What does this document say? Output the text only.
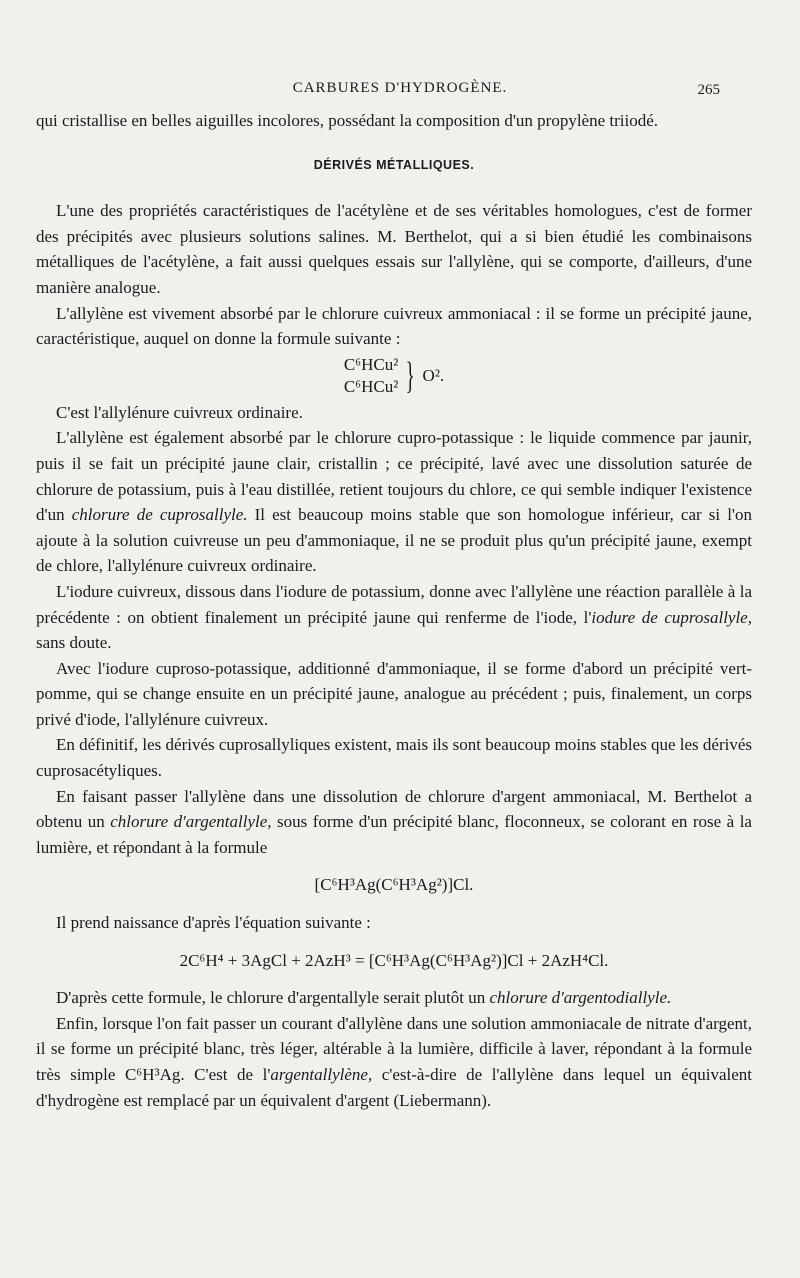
CARBURES D'HYDROGÈNE.	265

qui cristallise en belles aiguilles incolores, possédant la composition d'un propylène triiodé.

DÉRIVÉS MÉTALLIQUES.

L'une des propriétés caractéristiques de l'acétylène et de ses véritables homologues, c'est de former des précipités avec plusieurs solutions salines. M. Berthelot, qui a si bien étudié les combinaisons métalliques de l'acétylène, a fait aussi quelques essais sur l'allylène, qui se comporte, d'ailleurs, d'une manière analogue.

L'allylène est vivement absorbé par le chlorure cuivreux ammoniacal : il se forme un précipité jaune, caractéristique, auquel on donne la formule suivante :

C⁶HCu²
C⁶HCu² } O².

C'est l'allylénure cuivreux ordinaire.

L'allylène est également absorbé par le chlorure cupro-potassique : le liquide commence par jaunir, puis il se fait un précipité jaune clair, cristallin ; ce précipité, lavé avec une dissolution saturée de chlorure de potassium, puis à l'eau distillée, retient toujours du chlore, ce qui semble indiquer l'existence d'un chlorure de cuprosallyle. Il est beaucoup moins stable que son homologue inférieur, car si l'on ajoute à la solution cuivreuse un peu d'ammoniaque, il ne se produit plus qu'un précipité jaune, exempt de chlore, l'allylénure cuivreux ordinaire.

L'iodure cuivreux, dissous dans l'iodure de potassium, donne avec l'allylène une réaction parallèle à la précédente : on obtient finalement un précipité jaune qui renferme de l'iode, l'iodure de cuprosallyle, sans doute.

Avec l'iodure cuproso-potassique, additionné d'ammoniaque, il se forme d'abord un précipité vert-pomme, qui se change ensuite en un précipité jaune, analogue au précédent ; puis, finalement, un corps privé d'iode, l'allylénure cuivreux.

En définitif, les dérivés cuprosallyliques existent, mais ils sont beaucoup moins stables que les dérivés cuprosacétyliques.

En faisant passer l'allylène dans une dissolution de chlorure d'argent ammoniacal, M. Berthelot a obtenu un chlorure d'argentallyle, sous forme d'un précipité blanc, floconneux, se colorant en rose à la lumière, et répondant à la formule

[C⁶H³Ag(C⁶H³Ag²)]Cl.

Il prend naissance d'après l'équation suivante :

2C⁶H⁴ + 3AgCl + 2AzH³ = [C⁶H³Ag(C⁶H³Ag²)]Cl + 2AzH⁴Cl.

D'après cette formule, le chlorure d'argentallyle serait plutôt un chlorure d'argentodiallyle.

Enfin, lorsque l'on fait passer un courant d'allylène dans une solution ammoniacale de nitrate d'argent, il se forme un précipité blanc, très léger, altérable à la lumière, difficile à laver, répondant à la formule très simple C⁶H³Ag. C'est de l'argentallylène, c'est-à-dire de l'allylène dans lequel un équivalent d'hydrogène est remplacé par un équivalent d'argent (Liebermann).
